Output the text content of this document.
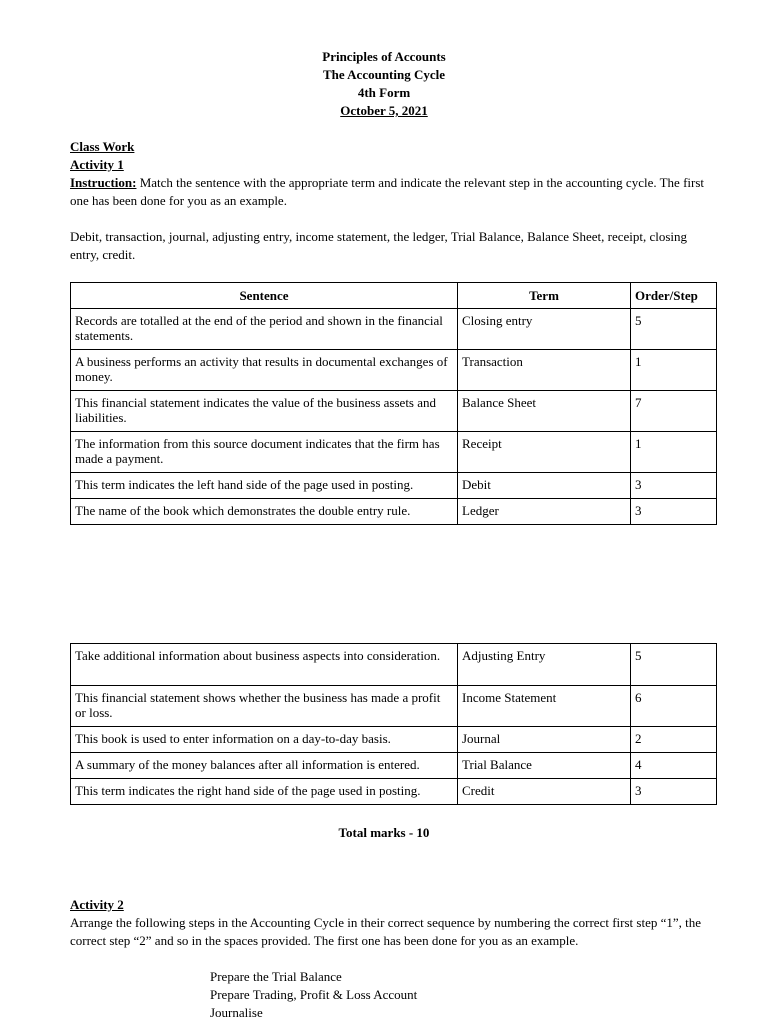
Principles of Accounts
The Accounting Cycle
4th Form
October 5, 2021
Class Work
Activity 1
Instruction: Match the sentence with the appropriate term and indicate the relevant step in the accounting cycle. The first one has been done for you as an example.
Debit, transaction, journal, adjusting entry, income statement, the ledger, Trial Balance, Balance Sheet, receipt, closing entry, credit.
Sentence	Term	Order/Step
Records are totalled at the end of the period and shown in the financial statements.	Closing entry	5
A business performs an activity that results in documental exchanges of money.	Transaction	1
This financial statement indicates the value of the business assets and liabilities.	Balance Sheet	7
The information from this source document indicates that the firm has made a payment.	Receipt	1
This term indicates the left hand side of the page used in posting.	Debit	3
The name of the book which demonstrates the double entry rule.	Ledger	3
Take additional information about business aspects into consideration.	Adjusting Entry	5
This financial statement shows whether the business has made a profit or loss.	Income Statement	6
This book is used to enter information on a day-to-day basis.	Journal	2
A summary of the money balances after all information is entered.	Trial Balance	4
This term indicates the right hand side of the page used in posting.	Credit	3
Total marks - 10
Activity 2
Arrange the following steps in the Accounting Cycle in their correct sequence by numbering the correct first step “1”, the correct step “2” and so in the spaces provided. The first one has been done for you as an example.
Prepare the Trial Balance
Prepare Trading, Profit & Loss Account
Journalise
